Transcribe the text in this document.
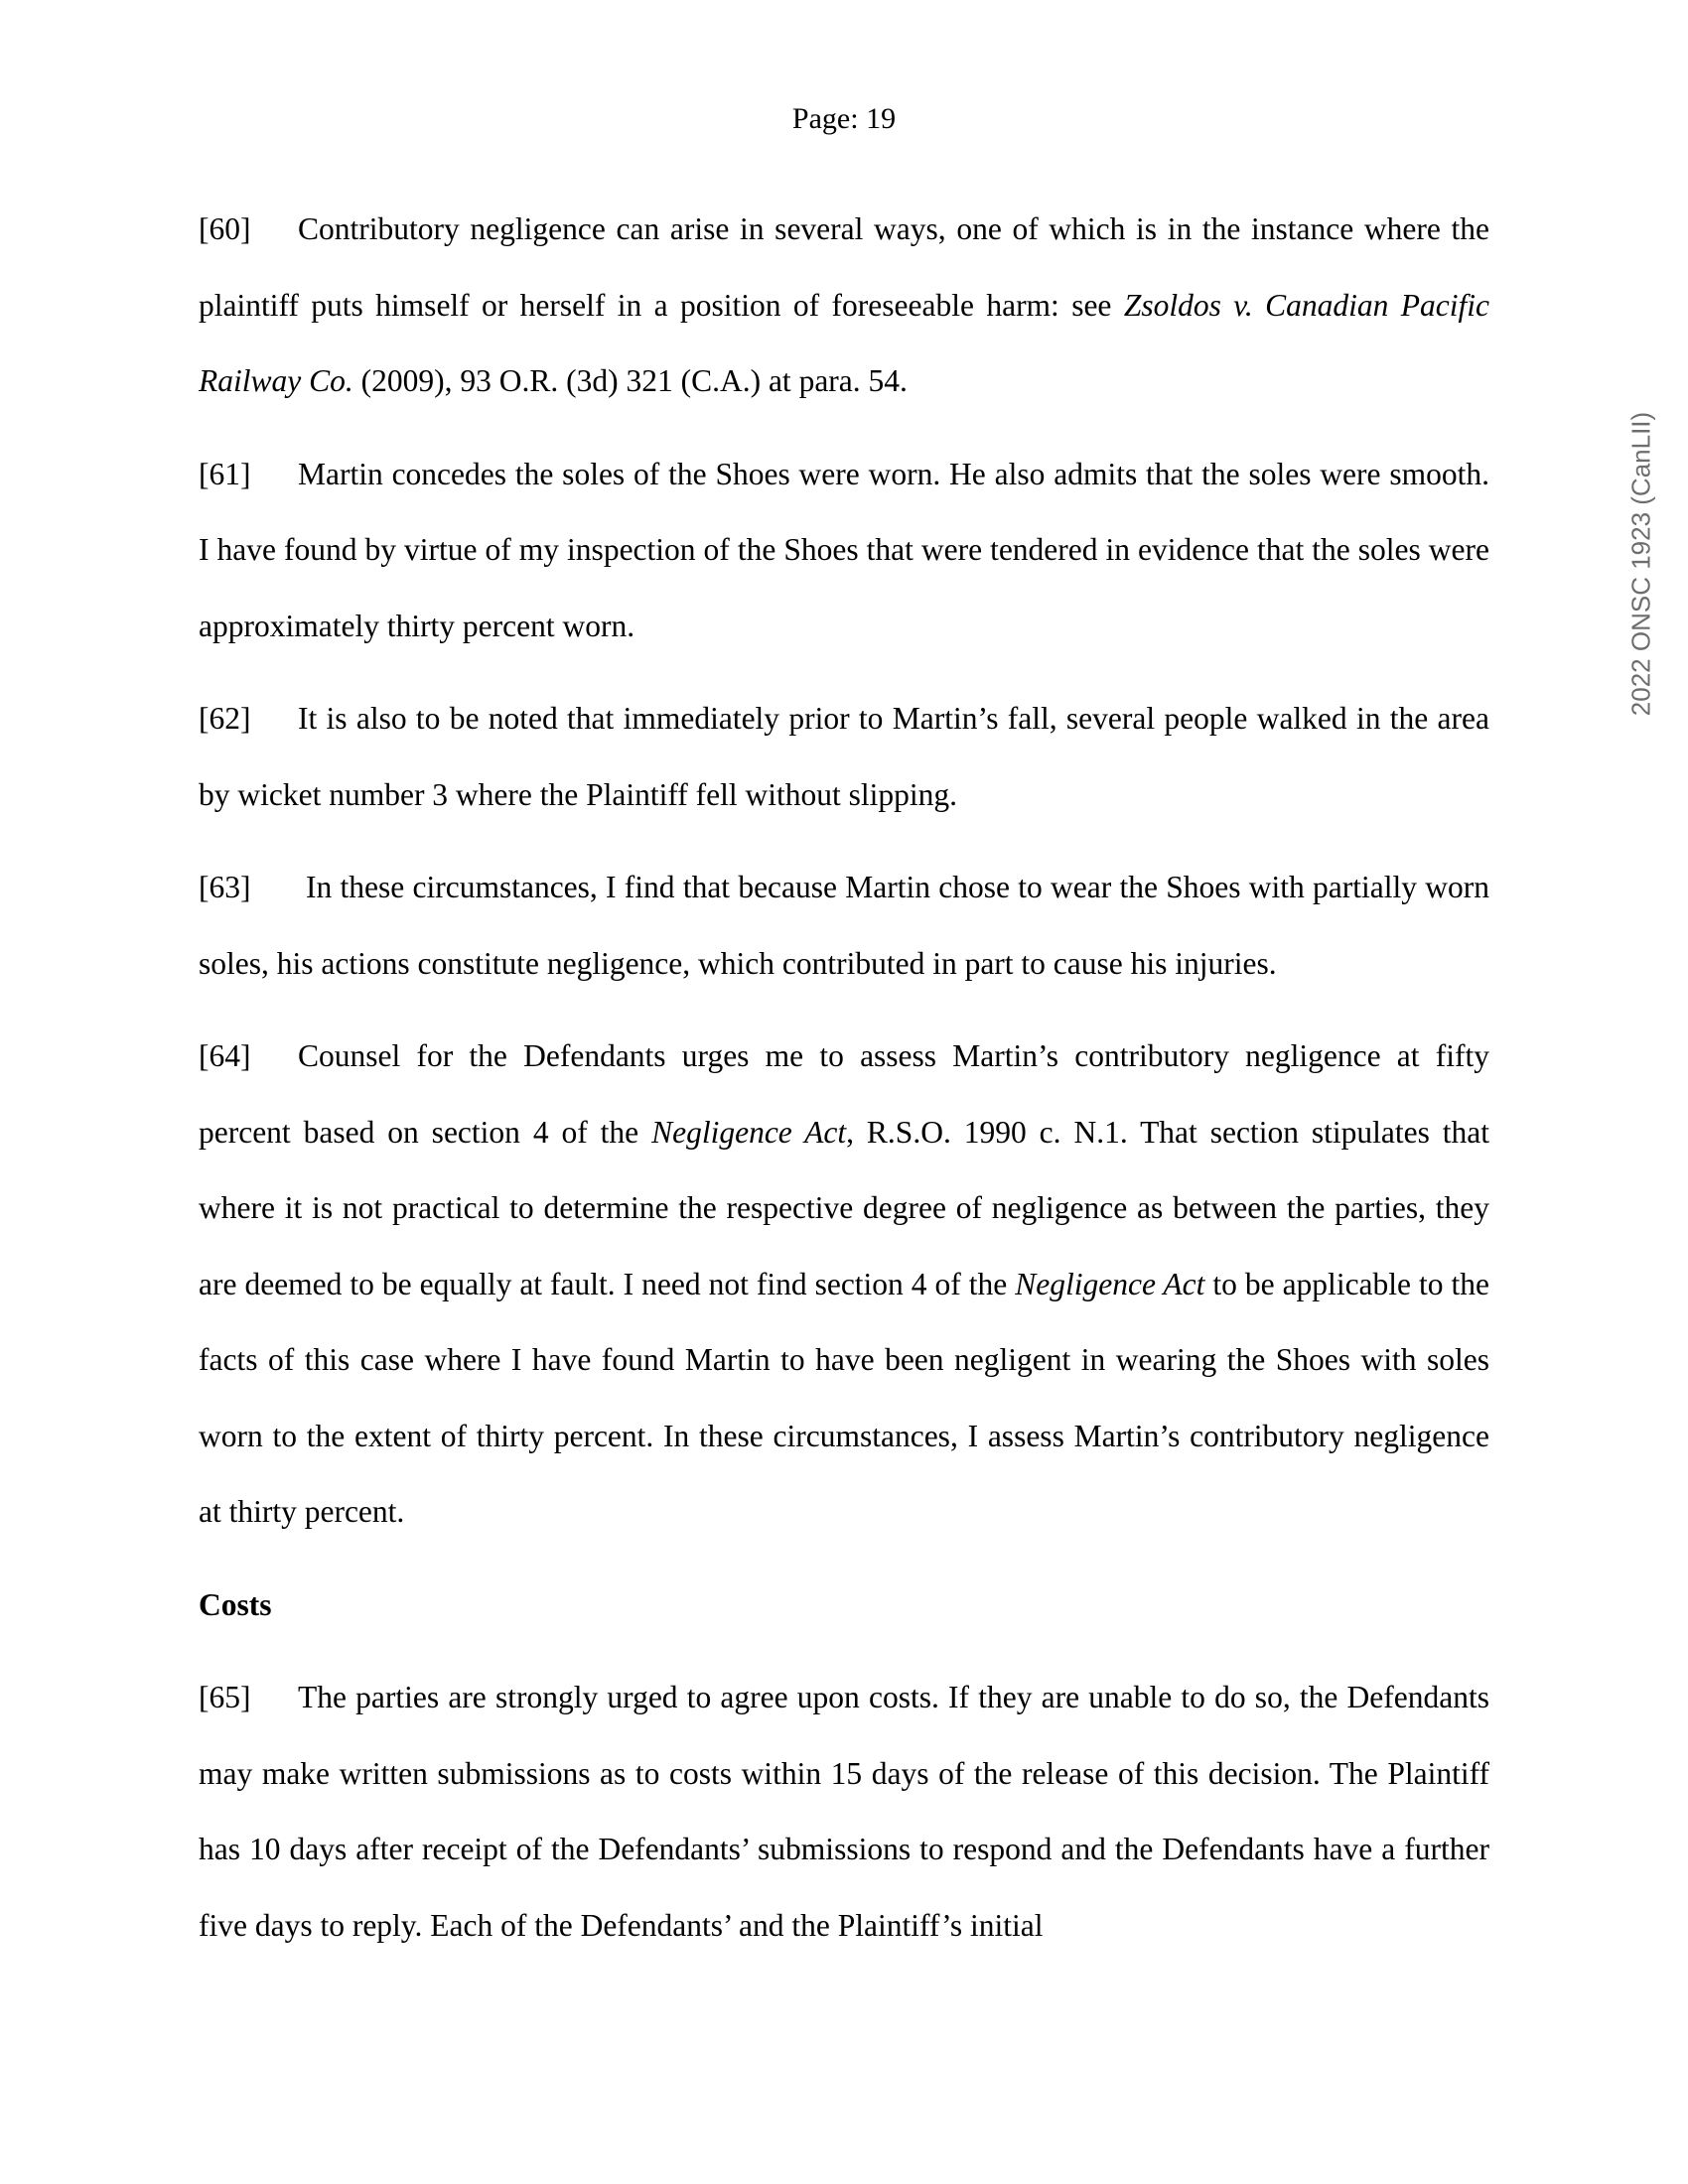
Page: 19

[60] Contributory negligence can arise in several ways, one of which is in the instance where the plaintiff puts himself or herself in a position of foreseeable harm: see Zsoldos v. Canadian Pacific Railway Co. (2009), 93 O.R. (3d) 321 (C.A.) at para. 54.

[61] Martin concedes the soles of the Shoes were worn. He also admits that the soles were smooth. I have found by virtue of my inspection of the Shoes that were tendered in evidence that the soles were approximately thirty percent worn.

[62] It is also to be noted that immediately prior to Martin’s fall, several people walked in the area by wicket number 3 where the Plaintiff fell without slipping.

[63] In these circumstances, I find that because Martin chose to wear the Shoes with partially worn soles, his actions constitute negligence, which contributed in part to cause his injuries.

[64] Counsel for the Defendants urges me to assess Martin’s contributory negligence at fifty percent based on section 4 of the Negligence Act, R.S.O. 1990 c. N.1. That section stipulates that where it is not practical to determine the respective degree of negligence as between the parties, they are deemed to be equally at fault. I need not find section 4 of the Negligence Act to be applicable to the facts of this case where I have found Martin to have been negligent in wearing the Shoes with soles worn to the extent of thirty percent. In these circumstances, I assess Martin’s contributory negligence at thirty percent.

Costs

[65] The parties are strongly urged to agree upon costs. If they are unable to do so, the Defendants may make written submissions as to costs within 15 days of the release of this decision. The Plaintiff has 10 days after receipt of the Defendants’ submissions to respond and the Defendants have a further five days to reply. Each of the Defendants’ and the Plaintiff’s initial

2022 ONSC 1923 (CanLII)
